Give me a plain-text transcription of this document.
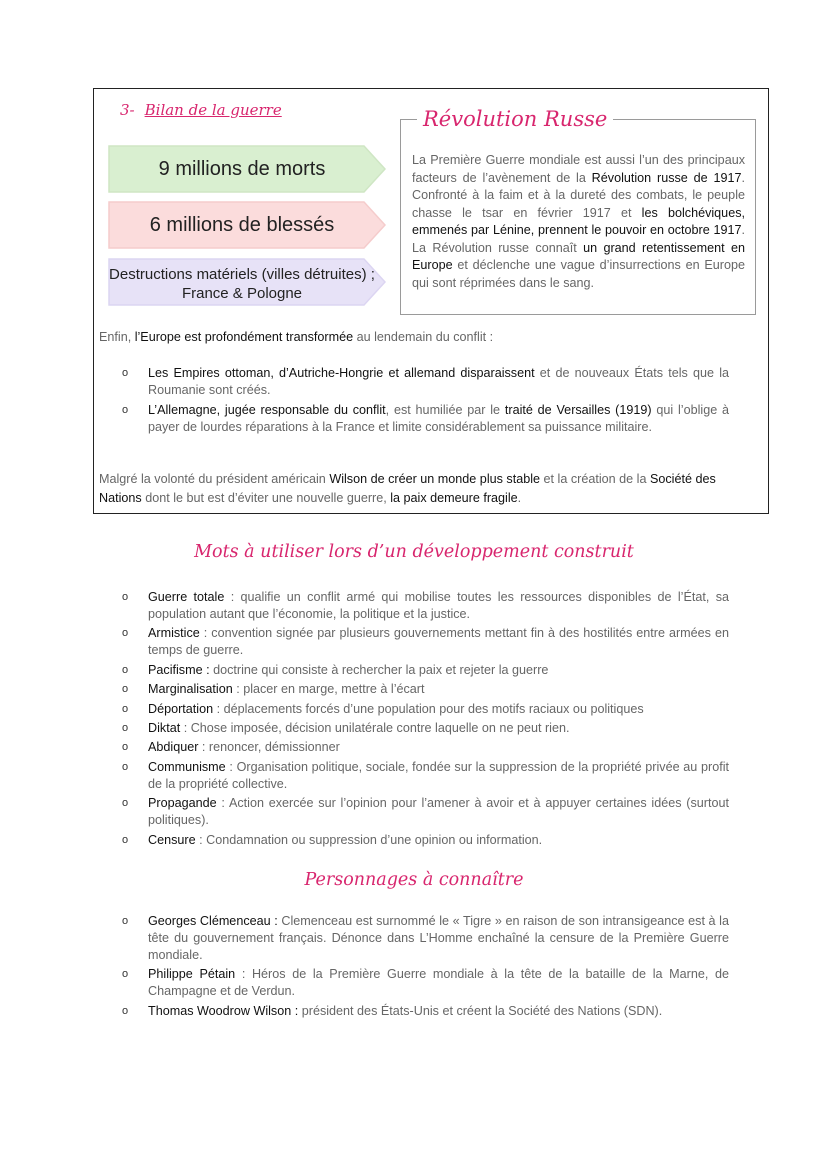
3- Bilan de la guerre
9 millions de morts
6 millions de blessés
Destructions matériels (villes détruites) ; France & Pologne
Révolution Russe
La Première Guerre mondiale est aussi l’un des principaux facteurs de l’avènement de la Révolution russe de 1917. Confronté à la faim et à la dureté des combats, le peuple chasse le tsar en février 1917 et les bolchéviques, emmenés par Lénine, prennent le pouvoir en octobre 1917. La Révolution russe connaît un grand retentissement en Europe et déclenche une vague d’insurrections en Europe qui sont réprimées dans le sang.
Enfin, l’Europe est profondément transformée au lendemain du conflit :
o Les Empires ottoman, d’Autriche-Hongrie et allemand disparaissent et de nouveaux États tels que la Roumanie sont créés.
o L’Allemagne, jugée responsable du conflit, est humiliée par le traité de Versailles (1919) qui l’oblige à payer de lourdes réparations à la France et limite considérablement sa puissance militaire.
Malgré la volonté du président américain Wilson de créer un monde plus stable et la création de la Société des Nations dont le but est d’éviter une nouvelle guerre, la paix demeure fragile.
Mots à utiliser lors d’un développement construit
o Guerre totale : qualifie un conflit armé qui mobilise toutes les ressources disponibles de l’État, sa population autant que l’économie, la politique et la justice.
o Armistice : convention signée par plusieurs gouvernements mettant fin à des hostilités entre armées en temps de guerre.
o Pacifisme : doctrine qui consiste à rechercher la paix et rejeter la guerre
o Marginalisation : placer en marge, mettre à l’écart
o Déportation : déplacements forcés d’une population pour des motifs raciaux ou politiques
o Diktat : Chose imposée, décision unilatérale contre laquelle on ne peut rien.
o Abdiquer : renoncer, démissionner
o Communisme : Organisation politique, sociale, fondée sur la suppression de la propriété privée au profit de la propriété collective.
o Propagande : Action exercée sur l’opinion pour l’amener à avoir et à appuyer certaines idées (surtout politiques).
o Censure : Condamnation ou suppression d’une opinion ou information.
Personnages à connaître
o Georges Clémenceau : Clemenceau est surnommé le « Tigre » en raison de son intransigeance est à la tête du gouvernement français. Dénonce dans L’Homme enchaîné la censure de la Première Guerre mondiale.
o Philippe Pétain : Héros de la Première Guerre mondiale à la tête de la bataille de la Marne, de Champagne et de Verdun.
o Thomas Woodrow Wilson : président des États-Unis et créent la Société des Nations (SDN).
